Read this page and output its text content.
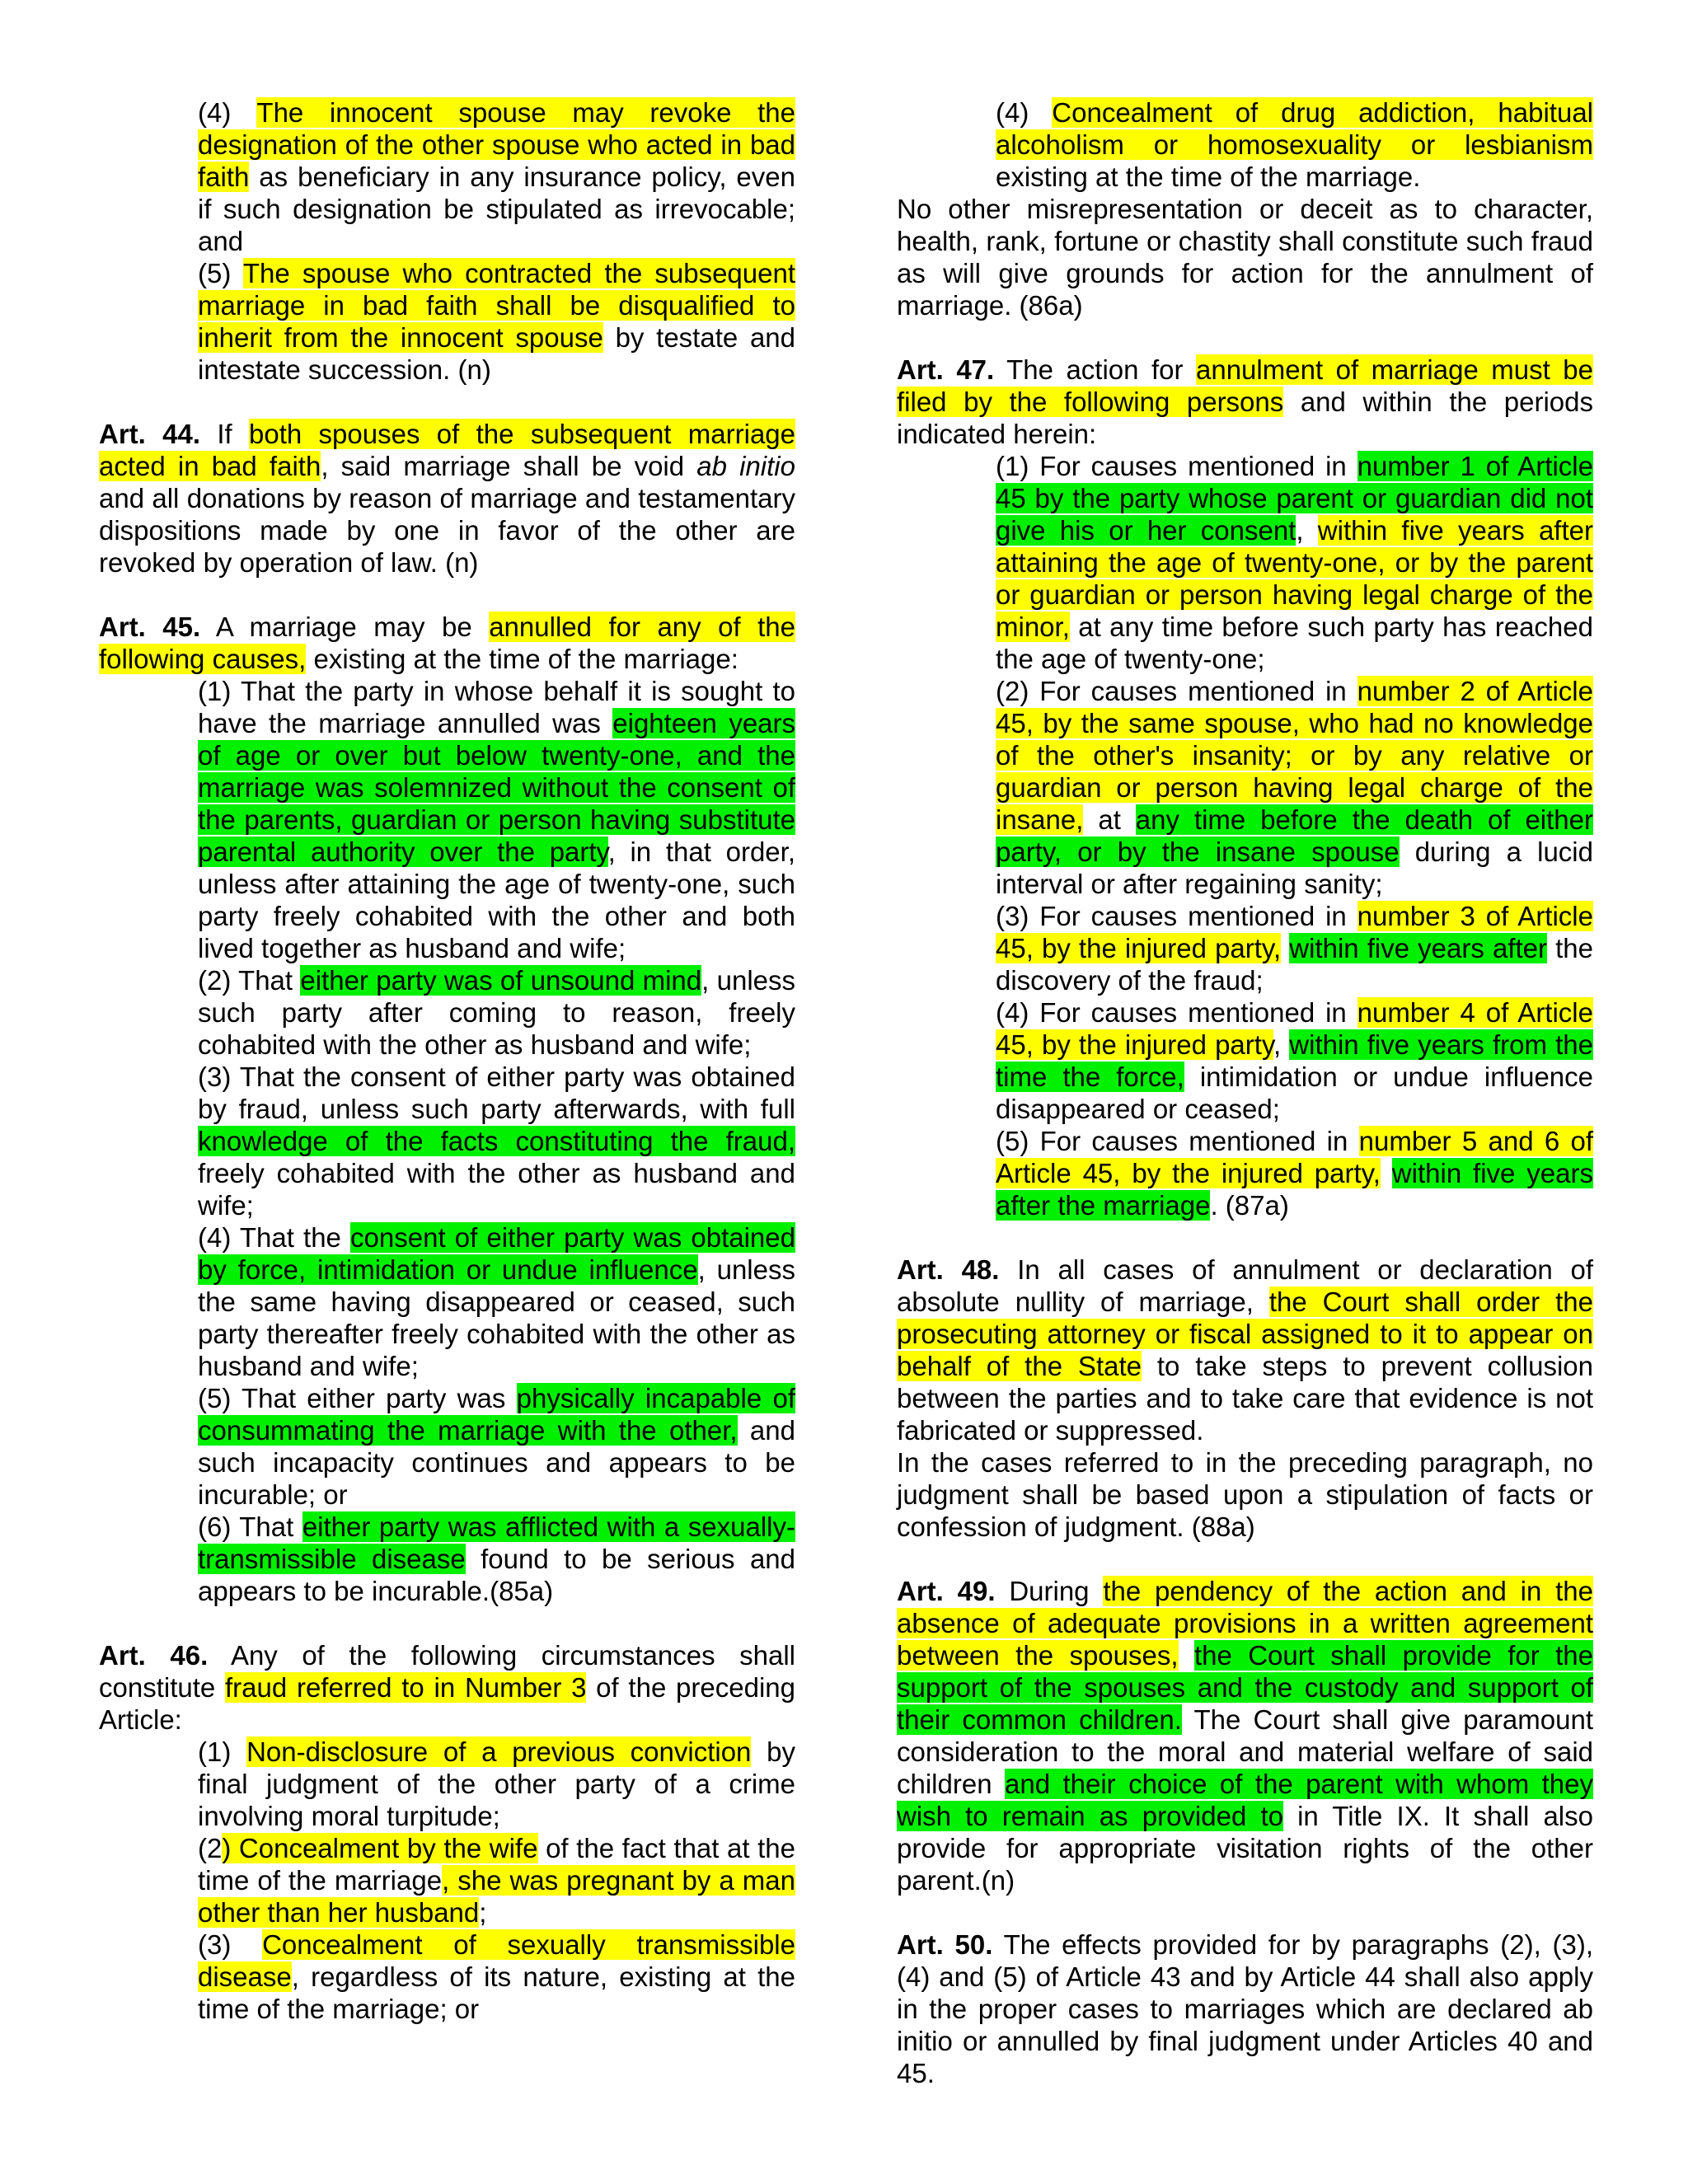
(4) The innocent spouse may revoke the designation of the other spouse who acted in bad faith as beneficiary in any insurance policy, even if such designation be stipulated as irrevocable; and

(5) The spouse who contracted the subsequent marriage in bad faith shall be disqualified to inherit from the innocent spouse by testate and intestate succession. (n)

Art. 44. If both spouses of the subsequent marriage acted in bad faith, said marriage shall be void ab initio and all donations by reason of marriage and testamentary dispositions made by one in favor of the other are revoked by operation of law. (n)

Art. 45. A marriage may be annulled for any of the following causes, existing at the time of the marriage:

(1) That the party in whose behalf it is sought to have the marriage annulled was eighteen years of age or over but below twenty-one, and the marriage was solemnized without the consent of the parents, guardian or person having substitute parental authority over the party, in that order, unless after attaining the age of twenty-one, such party freely cohabited with the other and both lived together as husband and wife;

(2) That either party was of unsound mind, unless such party after coming to reason, freely cohabited with the other as husband and wife;

(3) That the consent of either party was obtained by fraud, unless such party afterwards, with full knowledge of the facts constituting the fraud, freely cohabited with the other as husband and wife;

(4) That the consent of either party was obtained by force, intimidation or undue influence, unless the same having disappeared or ceased, such party thereafter freely cohabited with the other as husband and wife;

(5) That either party was physically incapable of consummating the marriage with the other, and such incapacity continues and appears to be incurable; or

(6) That either party was afflicted with a sexually-transmissible disease found to be serious and appears to be incurable.(85a)

Art. 46. Any of the following circumstances shall constitute fraud referred to in Number 3 of the preceding Article:

(1) Non-disclosure of a previous conviction by final judgment of the other party of a crime involving moral turpitude;

(2) Concealment by the wife of the fact that at the time of the marriage, she was pregnant by a man other than her husband;

(3) Concealment of sexually transmissible disease, regardless of its nature, existing at the time of the marriage; or

(4) Concealment of drug addiction, habitual alcoholism or homosexuality or lesbianism existing at the time of the marriage.

No other misrepresentation or deceit as to character, health, rank, fortune or chastity shall constitute such fraud as will give grounds for action for the annulment of marriage. (86a)

Art. 47. The action for annulment of marriage must be filed by the following persons and within the periods indicated herein:

(1) For causes mentioned in number 1 of Article 45 by the party whose parent or guardian did not give his or her consent, within five years after attaining the age of twenty-one, or by the parent or guardian or person having legal charge of the minor, at any time before such party has reached the age of twenty-one;

(2) For causes mentioned in number 2 of Article 45, by the same spouse, who had no knowledge of the other's insanity; or by any relative or guardian or person having legal charge of the insane, at any time before the death of either party, or by the insane spouse during a lucid interval or after regaining sanity;

(3) For causes mentioned in number 3 of Article 45, by the injured party, within five years after the discovery of the fraud;

(4) For causes mentioned in number 4 of Article 45, by the injured party, within five years from the time the force, intimidation or undue influence disappeared or ceased;

(5) For causes mentioned in number 5 and 6 of Article 45, by the injured party, within five years after the marriage. (87a)

Art. 48. In all cases of annulment or declaration of absolute nullity of marriage, the Court shall order the prosecuting attorney or fiscal assigned to it to appear on behalf of the State to take steps to prevent collusion between the parties and to take care that evidence is not fabricated or suppressed.

In the cases referred to in the preceding paragraph, no judgment shall be based upon a stipulation of facts or confession of judgment. (88a)

Art. 49. During the pendency of the action and in the absence of adequate provisions in a written agreement between the spouses, the Court shall provide for the support of the spouses and the custody and support of their common children. The Court shall give paramount consideration to the moral and material welfare of said children and their choice of the parent with whom they wish to remain as provided to in Title IX. It shall also provide for appropriate visitation rights of the other parent.(n)

Art. 50. The effects provided for by paragraphs (2), (3), (4) and (5) of Article 43 and by Article 44 shall also apply in the proper cases to marriages which are declared ab initio or annulled by final judgment under Articles 40 and 45.
